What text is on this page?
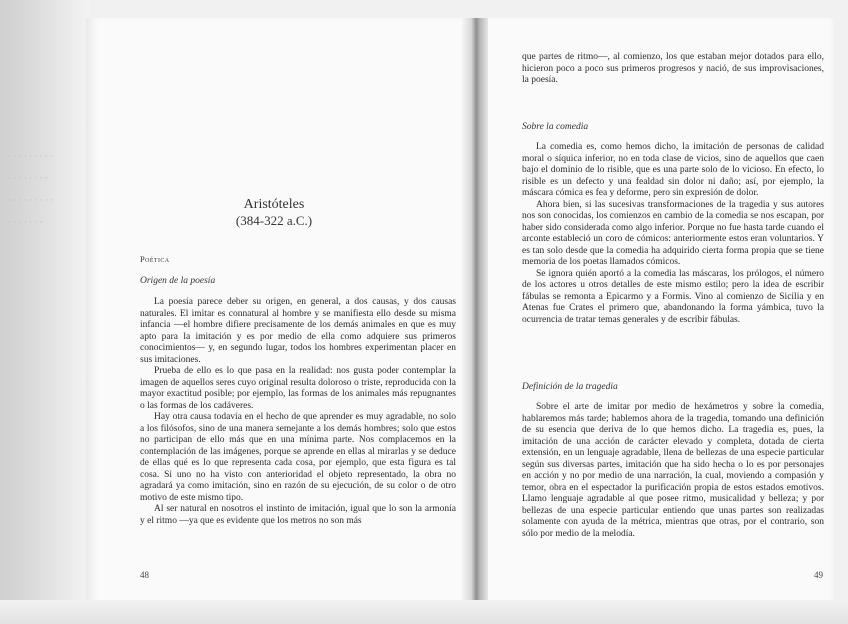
· · · · · · · · ·
· · · · · · · ·
· · · · · · · · ·
· · · · · · ·
Aristóteles
(384-322 a.C.)
Poética
Origen de la poesía

La poesía parece deber su origen, en general, a dos causas, y dos causas naturales. El imitar es connatural al hombre y se manifiesta ello desde su misma infancia —el hombre difiere precisamente de los demás animales en que es muy apto para la imitación y es por medio de ella como adquiere sus primeros conocimientos— y, en segundo lugar, todos los hombres experimentan placer en sus imitaciones.

Prueba de ello es lo que pasa en la realidad: nos gusta poder contemplar la imagen de aquellos seres cuyo original resulta doloroso o triste, reproducida con la mayor exactitud posible; por ejemplo, las formas de los animales más repugnantes o las formas de los cadáveres.

Hay otra causa todavía en el hecho de que aprender es muy agradable, no solo a los filósofos, sino de una manera semejante a los demás hombres; solo que estos no participan de ello más que en una mínima parte. Nos complacemos en la contemplación de las imágenes, porque se aprende en ellas al mirarlas y se deduce de ellas qué es lo que representa cada cosa, por ejemplo, que esta figura es tal cosa. Si uno no ha visto con anterioridad el objeto representado, la obra no agradará ya como imitación, sino en razón de su ejecución, de su color o de otro motivo de este mismo tipo.

Al ser natural en nosotros el instinto de imitación, igual que lo son la armonía y el ritmo —ya que es evidente que los metros no son más

48

que partes de ritmo—, al comienzo, los que estaban mejor dotados para ello, hicieron poco a poco sus primeros progresos y nació, de sus improvisaciones, la poesía.

Sobre la comedia

La comedia es, como hemos dicho, la imitación de personas de calidad moral o síquica inferior, no en toda clase de vicios, sino de aquellos que caen bajo el dominio de lo risible, que es una parte solo de lo vicioso. En efecto, lo risible es un defecto y una fealdad sin dolor ni daño; así, por ejemplo, la máscara cómica es fea y deforme, pero sin expresión de dolor.

Ahora bien, si las sucesivas transformaciones de la tragedia y sus autores nos son conocidas, los comienzos en cambio de la comedia se nos escapan, por haber sido considerada como algo inferior. Porque no fue hasta tarde cuando el arconte estableció un coro de cómicos: anteriormente estos eran voluntarios. Y es tan solo desde que la comedia ha adquirido cierta forma propia que se tiene memoria de los poetas llamados cómicos.

Se ignora quién aportó a la comedia las máscaras, los prólogos, el número de los actores u otros detalles de este mismo estilo; pero la idea de escribir fábulas se remonta a Epicarmo y a Formis. Vino al comienzo de Sicilia y en Atenas fue Crates el primero que, abandonando la forma yámbica, tuvo la ocurrencia de tratar temas generales y de escribir fábulas.

Definición de la tragedia

Sobre el arte de imitar por medio de hexámetros y sobre la comedia, hablaremos más tarde; hablemos ahora de la tragedia, tomando una definición de su esencia que deriva de lo que hemos dicho. La tragedia es, pues, la imitación de una acción de carácter elevado y completa, dotada de cierta extensión, en un lenguaje agradable, llena de bellezas de una especie particular según sus diversas partes, imitación que ha sido hecha o lo es por personajes en acción y no por medio de una narración, la cual, moviendo a compasión y temor, obra en el espectador la purificación propia de estos estados emotivos. Llamo lenguaje agradable al que posee ritmo, musicalidad y belleza; y por bellezas de una especie particular entiendo que unas partes son realizadas solamente con ayuda de la métrica, mientras que otras, por el contrario, son sólo por medio de la melodía.

49
